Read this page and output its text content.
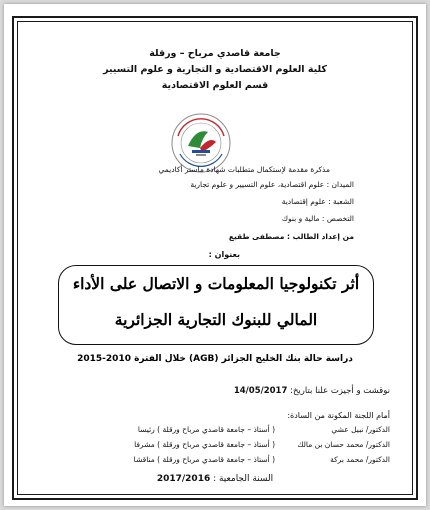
جامعة قاصدي مرباح – ورقلة
كلية العلوم الاقتصادية و التجارية و علوم التسيير
قسم العلوم الاقتصادية
مذكرة مقدمة لإستكمال متطلبات شهادة ماستر أكاديمي
الميدان : علوم اقتصادية، علوم التسيير و علوم تجارية
الشعبة : علوم إقتصادية
التخصص : مالية و بنوك
من إعداد الطالب : مصطفى طقيع
بعنوان :
أثر تكنولوجيا المعلومات و الاتصال على الأداء
المالي للبنوك التجارية الجزائرية
دراسة حالة بنك الخليج الجزائر (AGB) خلال الفترة 2010-2015
نوقشت و أجيزت علنا بتاريخ: 14/05/2017
أمام اللجنة المكونة من السادة:
الدكتور/ نبيل عشي ( أستاذ – جامعة قاصدي مرباح ورقلة ) رئيسا
الدكتور/ محمد حسان بن مالك ( أستاذ – جامعة قاصدي مرباح ورقلة ) مشرفا
الدكتور/ محمد بركة ( أستاذ – جامعة قاصدي مرباح ورقلة ) مناقشا
السنة الجامعية : 2017/2016
